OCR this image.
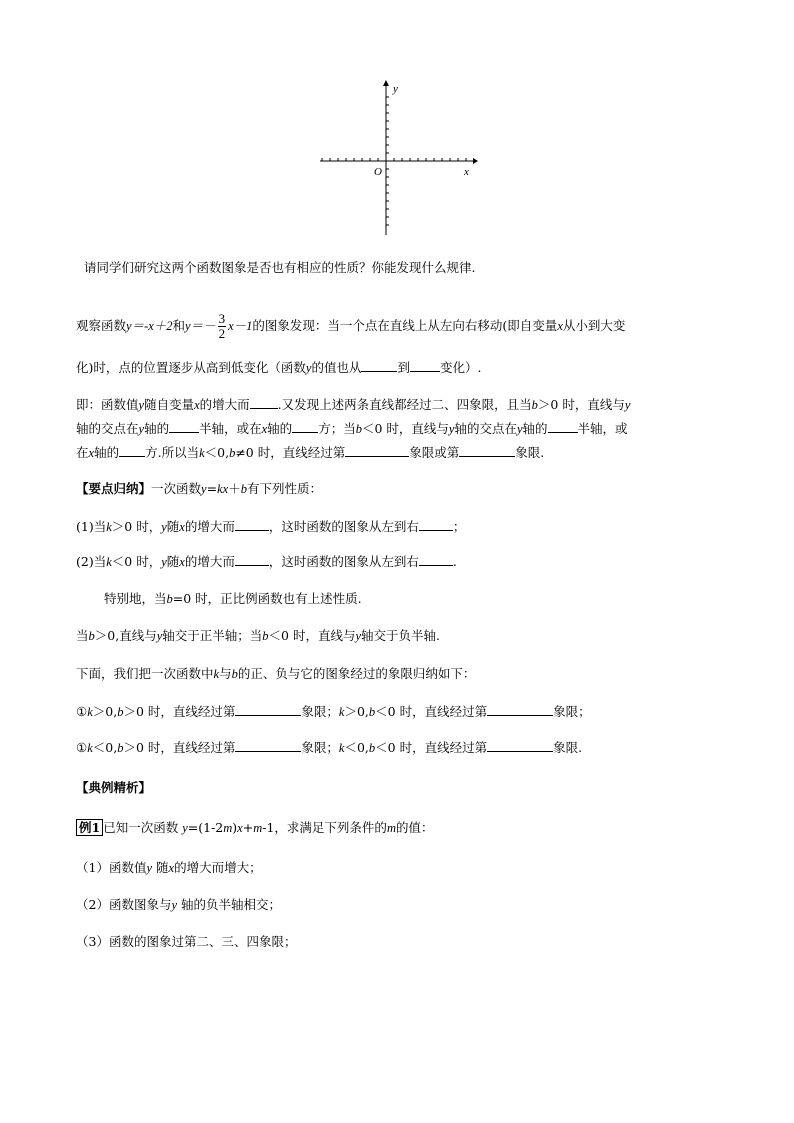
y
x
O
请同学们研究这两个函数图象是否也有相应的性质？你能发现什么规律.
观察函数y＝-x＋2和$y=- \frac{3}{2} x-1$的图象发现：当一个点在直线上从左向右移动(即自变量x从小到大变
化)时，点的位置逐步从高到低变化（函数y的值也从	到 变化）.
即：函数值y随自变量x的增大而 .又发现上述两条直线都经过二、四象限，且当b＞0 时，直线与y
轴的交点在y轴的 半轴，或在x轴的 方；当b＜0 时，直线与y轴的交点在y轴的 半轴，或
在x轴的 方.所以当k＜0,b≠0 时，直线经过第	象限或第	象限.
【要点归纳】一次函数y=kx＋b有下列性质：
(1)当k＞0 时，y随x的增大而	，这时函数的图象从左到右	；
(2)当k＜0 时，y随x的增大而	，这时函数的图象从左到右	.
特别地，当b=0 时，正比例函数也有上述性质.
当b＞0,直线与y轴交于正半轴；当b＜0 时，直线与y轴交于负半轴.
下面，我们把一次函数中k与b的正、负与它的图象经过的象限归纳如下：
①k＞0,b＞0 时，直线经过第	象限；k＞0,b＜0 时，直线经过第	象限；
①k＜0,b＞0 时，直线经过第	象限；k＜0,b＜0 时，直线经过第	象限.
【典例精析】
例1 已知一次函数 y=(1-2m)x+m-1，求满足下列条件的m的值：
（1）函数值y 随x的增大而增大；
（2）函数图象与y 轴的负半轴相交；
（3）函数的图象过第二、三、四象限；
